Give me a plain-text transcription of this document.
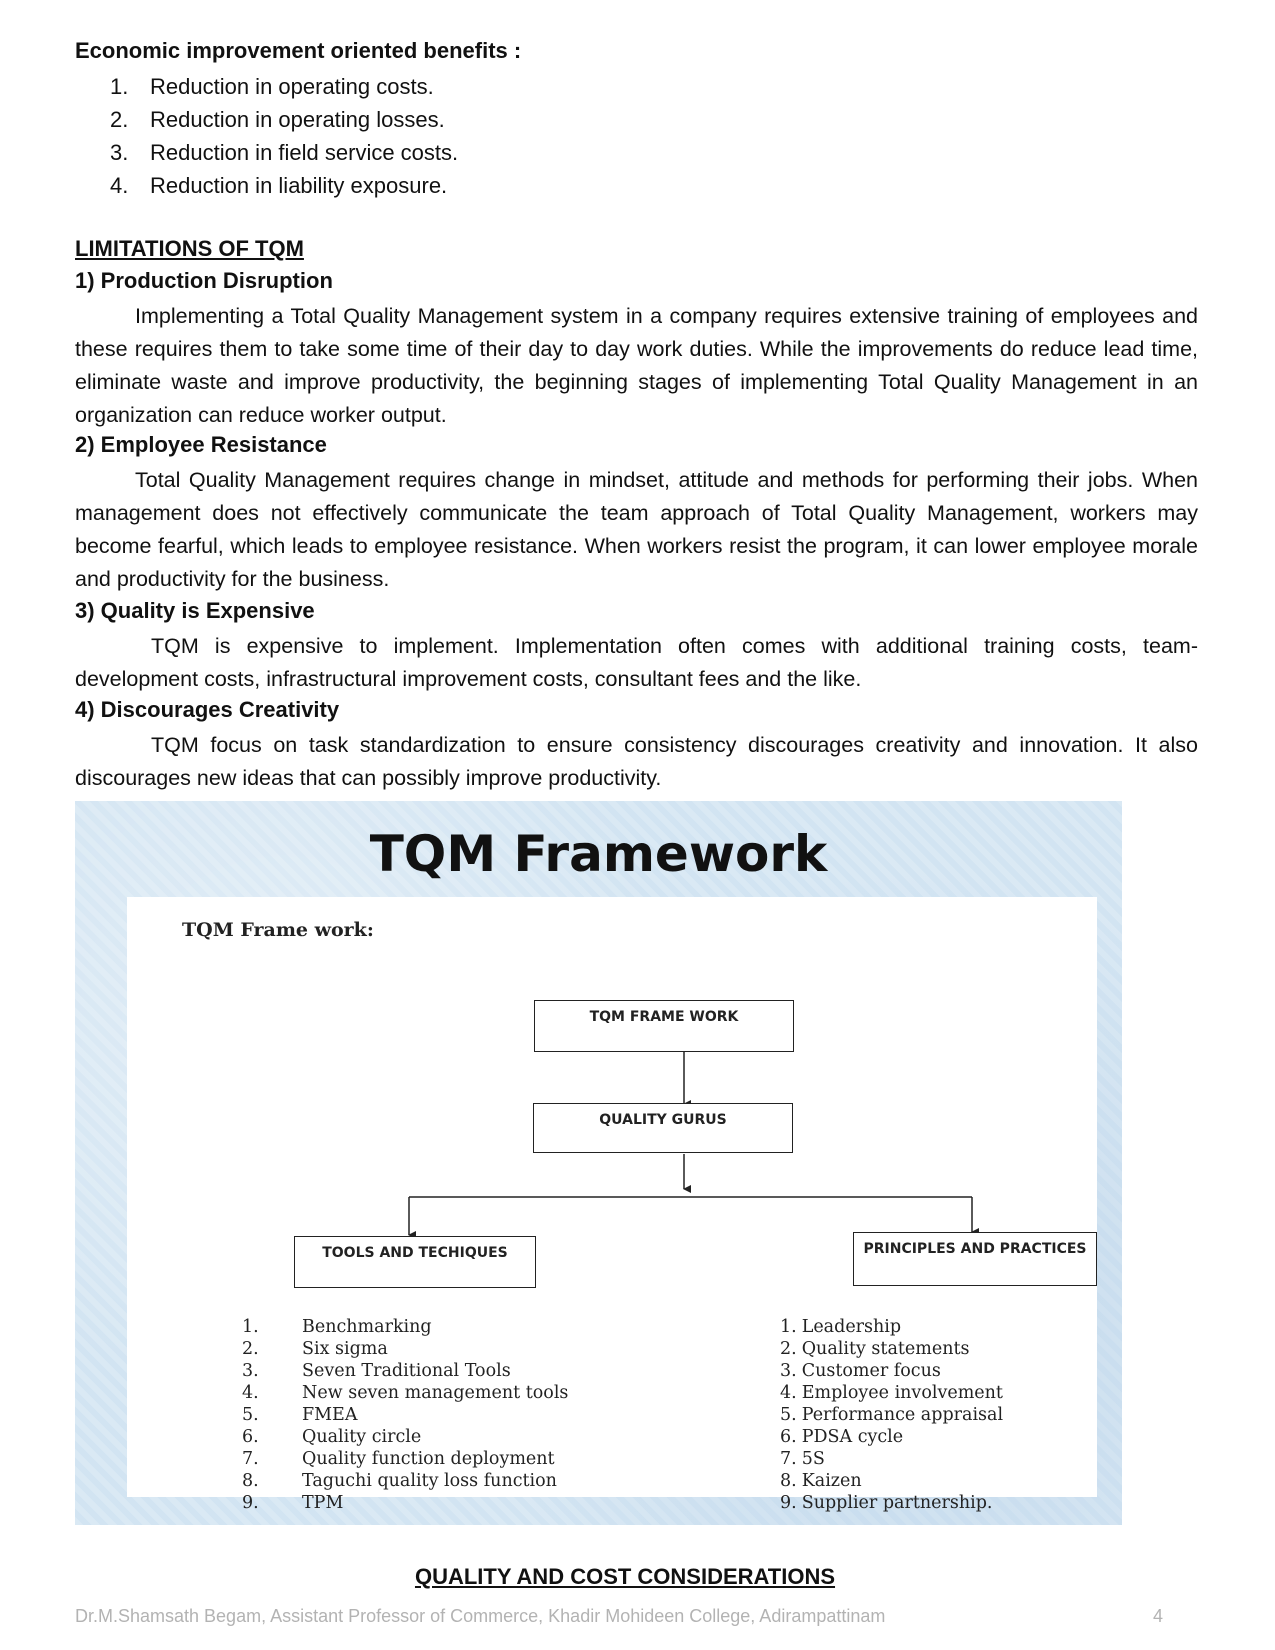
Economic improvement oriented benefits :
1. Reduction in operating costs.
2. Reduction in operating losses.
3. Reduction in field service costs.
4. Reduction in liability exposure.
LIMITATIONS OF TQM
1) Production Disruption

Implementing a Total Quality Management system in a company requires extensive training of employees and these requires them to take some time of their day to day work duties. While the improvements do reduce lead time, eliminate waste and improve productivity, the beginning stages of implementing Total Quality Management in an organization can reduce worker output.

2) Employee Resistance

Total Quality Management requires change in mindset, attitude and methods for performing their jobs. When management does not effectively communicate the team approach of Total Quality Management, workers may become fearful, which leads to employee resistance. When workers resist the program, it can lower employee morale and productivity for the business.

3) Quality is Expensive

TQM is expensive to implement. Implementation often comes with additional training costs, team-development costs, infrastructural improvement costs, consultant fees and the like.

4) Discourages Creativity

TQM focus on task standardization to ensure consistency discourages creativity and innovation. It also discourages new ideas that can possibly improve productivity.

TQM Framework

TQM Frame work:

TQM FRAME WORK
QUALITY GURUS
TOOLS AND TECHIQUES	PRINCIPLES AND PRACTICES
1. Benchmarking
2. Six sigma
3. Seven Traditional Tools
4. New seven management tools
5. FMEA
6. Quality circle
7. Quality function deployment
8. Taguchi quality loss function
9. TPM
1. Leadership
2. Quality statements
3. Customer focus
4. Employee involvement
5. Performance appraisal
6. PDSA cycle
7. 5S
8. Kaizen
9. Supplier partnership.
QUALITY AND COST CONSIDERATIONS

Dr.M.Shamsath Begam, Assistant Professor of Commerce, Khadir Mohideen College, Adirampattinam	4
